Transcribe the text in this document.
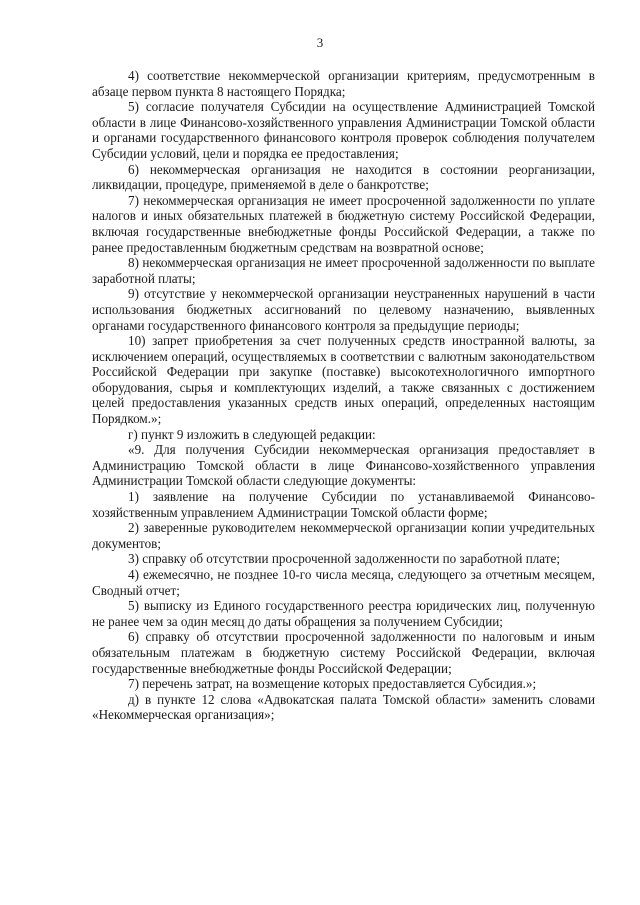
3

4) соответствие некоммерческой организации критериям, предусмотренным в абзаце первом пункта 8 настоящего Порядка;

5) согласие получателя Субсидии на осуществление Администрацией Томской области в лице Финансово-хозяйственного управления Администрации Томской области и органами государственного финансового контроля проверок соблюдения получателем Субсидии условий, цели и порядка ее предоставления;

6) некоммерческая организация не находится в состоянии реорганизации, ликвидации, процедуре, применяемой в деле о банкротстве;

7) некоммерческая организация не имеет просроченной задолженности по уплате налогов и иных обязательных платежей в бюджетную систему Российской Федерации, включая государственные внебюджетные фонды Российской Федерации, а также по ранее предоставленным бюджетным средствам на возвратной основе;

8) некоммерческая организация не имеет просроченной задолженности по выплате заработной платы;

9) отсутствие у некоммерческой организации неустраненных нарушений в части использования бюджетных ассигнований по целевому назначению, выявленных органами государственного финансового контроля за предыдущие периоды;

10) запрет приобретения за счет полученных средств иностранной валюты, за исключением операций, осуществляемых в соответствии с валютным законодательством Российской Федерации при закупке (поставке) высокотехнологичного импортного оборудования, сырья и комплектующих изделий, а также связанных с достижением целей предоставления указанных средств иных операций, определенных настоящим Порядком.»;

г) пункт 9 изложить в следующей редакции:

«9. Для получения Субсидии некоммерческая организация предоставляет в Администрацию Томской области в лице Финансово-хозяйственного управления Администрации Томской области следующие документы:

1) заявление на получение Субсидии по устанавливаемой Финансово-хозяйственным управлением Администрации Томской области форме;

2) заверенные руководителем некоммерческой организации копии учредительных документов;

3) справку об отсутствии просроченной задолженности по заработной плате;

4) ежемесячно, не позднее 10-го числа месяца, следующего за отчетным месяцем, Сводный отчет;

5) выписку из Единого государственного реестра юридических лиц, полученную не ранее чем за один месяц до даты обращения за получением Субсидии;

6) справку об отсутствии просроченной задолженности по налоговым и иным обязательным платежам в бюджетную систему Российской Федерации, включая государственные внебюджетные фонды Российской Федерации;

7) перечень затрат, на возмещение которых предоставляется Субсидия.»;

д) в пункте 12 слова «Адвокатская палата Томской области» заменить словами «Некоммерческая организация»;
